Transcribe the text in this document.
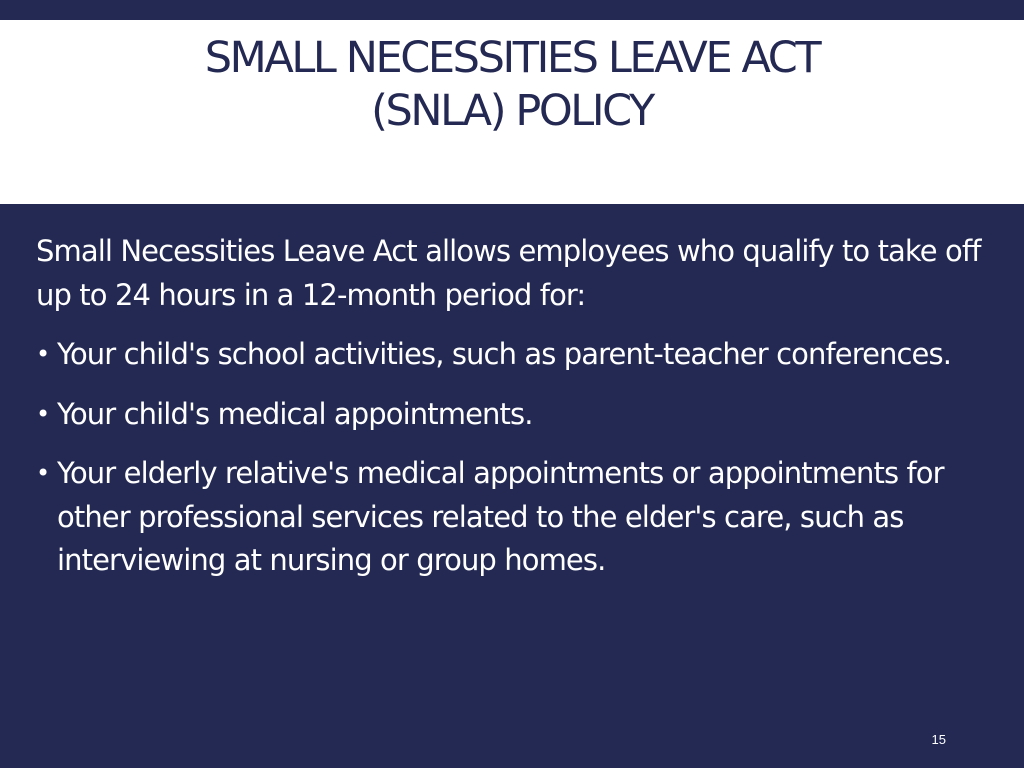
SMALL NECESSITIES LEAVE ACT
(SNLA) POLICY

Small Necessities Leave Act allows employees who qualify to take off up to 24 hours in a 12-month period for:

• Your child's school activities, such as parent-teacher conferences.
• Your child's medical appointments.
• Your elderly relative's medical appointments or appointments for other professional services related to the elder's care, such as interviewing at nursing or group homes.
15
